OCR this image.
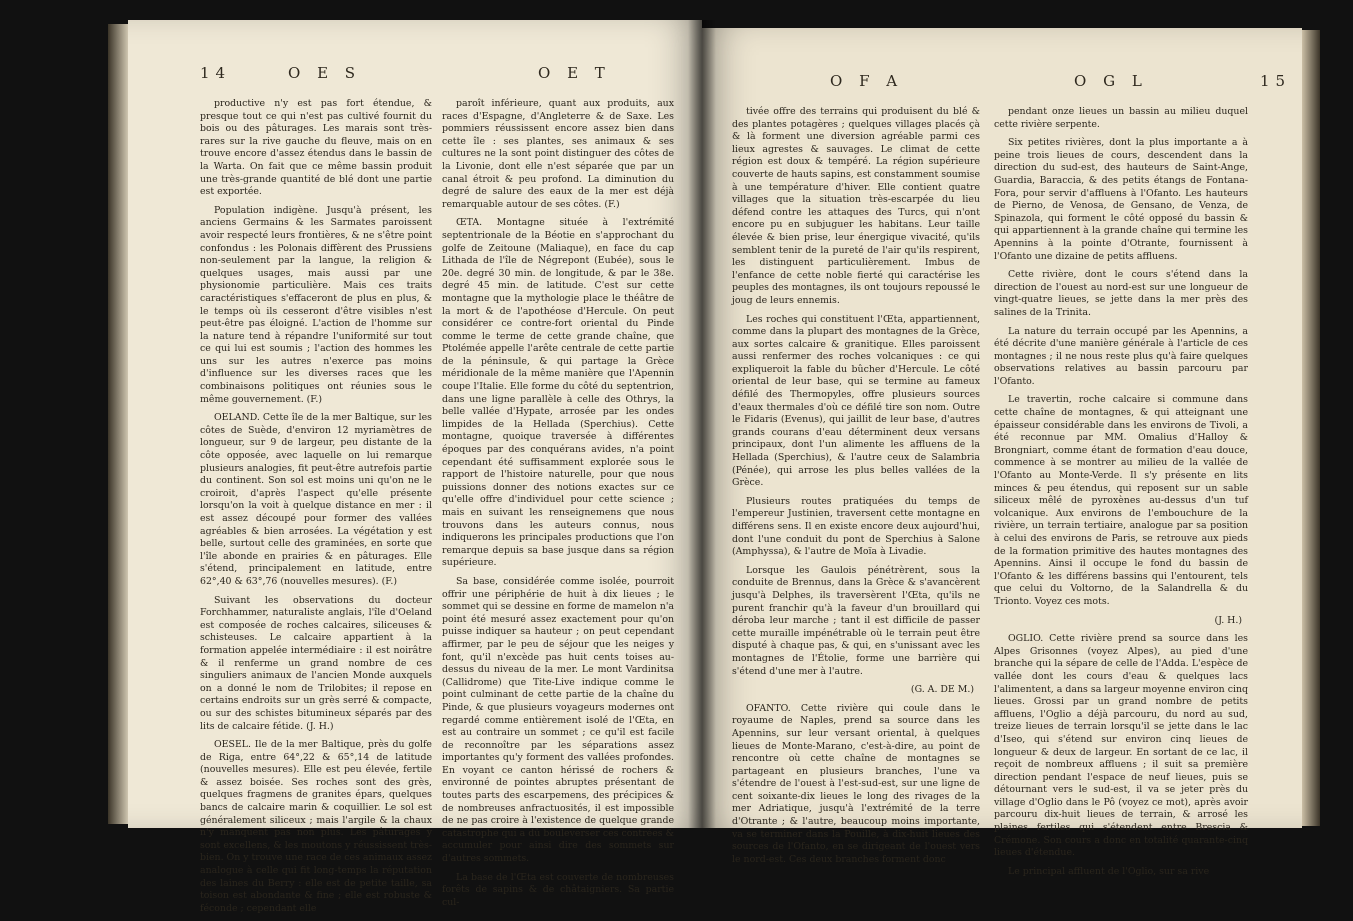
14	O E S	O E T

productive n'y est pas fort étendue, & presque tout ce qui n'est pas cultivé fournit du bois ou des pâturages. Les marais sont très-rares sur la rive gauche du fleuve, mais on en trouve encore d'assez étendus dans le bassin de la Warta. On fait que ce même bassin produit une très-grande quantité de blé dont une partie est exportée.

Population indigène. Jusqu'à présent, les anciens Germains & les Sarmates paroissent avoir respecté leurs frontières, & ne s'être point confondus : les Polonais diffèrent des Prussiens non-seulement par la langue, la religion & quelques usages, mais aussi par une physionomie particulière. Mais ces traits caractéristiques s'effaceront de plus en plus, & le temps où ils cesseront d'être visibles n'est peut-être pas éloigné. L'action de l'homme sur la nature tend à répandre l'uniformité sur tout ce qui lui est soumis ; l'action des hommes les uns sur les autres n'exerce pas moins d'influence sur les diverses races que les combinaisons politiques ont réunies sous le même gouvernement. (F.)

OELAND. Cette île de la mer Baltique, sur les côtes de Suède, d'environ 12 myriamètres de longueur, sur 9 de largeur, peu distante de la côte opposée, avec laquelle on lui remarque plusieurs analogies, fit peut-être autrefois partie du continent. Son sol est moins uni qu'on ne le croiroit, d'après l'aspect qu'elle présente lorsqu'on la voit à quelque distance en mer : il est assez découpé pour former des vallées agréables & bien arrosées. La végétation y est belle, surtout celle des graminées, en sorte que l'île abonde en prairies & en pâturages. Elle s'étend, principalement en latitude, entre 62°,40 & 63°,76 (nouvelles mesures). (F.)

Suivant les observations du docteur Forchhammer, naturaliste anglais, l'île d'Oeland est composée de roches calcaires, siliceuses & schisteuses. Le calcaire appartient à la formation appelée intermédiaire : il est noirâtre & il renferme un grand nombre de ces singuliers animaux de l'ancien Monde auxquels on a donné le nom de Trilobites; il repose en certains endroits sur un grès serré & compacte, ou sur des schistes bitumineux séparés par des lits de calcaire fétide. (J. H.)

OESEL. Ile de la mer Baltique, près du golfe de Riga, entre 64°,22 & 65°,14 de latitude (nouvelles mesures). Elle est peu élevée, fertile & assez boisée. Ses roches sont des grès, quelques fragmens de granites épars, quelques bancs de calcaire marin & coquillier. Le sol est généralement siliceux ; mais l'argile & la chaux n'y manquent pas non plus. Les pâturages y sont excellens, & les moutons y réussissent très-bien. On y trouve une race de ces animaux assez analogue à celle qui fit long-temps la réputation des laines du Berry : elle est de petite taille, sa toison est abondante & fine ; elle est robuste & féconde ; cependant elle

paroît inférieure, quant aux produits, aux races d'Espagne, d'Angleterre & de Saxe. Les pommiers réussissent encore assez bien dans cette île : ses plantes, ses animaux & ses cultures ne la sont point distinguer des côtes de la Livonie, dont elle n'est séparée que par un canal étroit & peu profond. La diminution du degré de salure des eaux de la mer est déjà remarquable autour de ses côtes. (F.)

ŒTA. Montagne située à l'extrémité septentrionale de la Béotie en s'approchant du golfe de Zeitoune (Maliaque), en face du cap Lithada de l'île de Négrepont (Eubée), sous le 20e. degré 30 min. de longitude, & par le 38e. degré 45 min. de latitude. C'est sur cette montagne que la mythologie place le théâtre de la mort & de l'apothéose d'Hercule. On peut considérer ce contre-fort oriental du Pinde comme le terme de cette grande chaîne, que Ptolémée appelle l'arête centrale de cette partie de la péninsule, & qui partage la Grèce méridionale de la même manière que l'Apennin coupe l'Italie. Elle forme du côté du septentrion, dans une ligne parallèle à celle des Othrys, la belle vallée d'Hypate, arrosée par les ondes limpides de la Hellada (Sperchius). Cette montagne, quoique traversée à différentes époques par des conquérans avides, n'a point cependant été suffisamment explorée sous le rapport de l'histoire naturelle, pour que nous puissions donner des notions exactes sur ce qu'elle offre d'individuel pour cette science ; mais en suivant les renseignemens que nous trouvons dans les auteurs connus, nous indiquerons les principales productions que l'on remarque depuis sa base jusque dans sa région supérieure.

Sa base, considérée comme isolée, pourroit offrir une périphérie de huit à dix lieues ; le sommet qui se dessine en forme de mamelon n'a point été mesuré assez exactement pour qu'on puisse indiquer sa hauteur ; on peut cependant affirmer, par le peu de séjour que les neiges y font, qu'il n'excède pas huit cents toises au-dessus du niveau de la mer. Le mont Vardinitsa (Callidrome) que Tite-Live indique comme le point culminant de cette partie de la chaîne du Pinde, & que plusieurs voyageurs modernes ont regardé comme entièrement isolé de l'Œta, en est au contraire un sommet ; ce qu'il est facile de reconnoître par les séparations assez importantes qu'y forment des vallées profondes. En voyant ce canton hérissé de rochers & environné de pointes abruptes présentant de toutes parts des escarpemens, des précipices & de nombreuses anfractuosités, il est impossible de ne pas croire à l'existence de quelque grande catastrophe qui a dû bouleverser ces contrées & accumuler pour ainsi dire des sommets sur d'autres sommets.

La base de l'Œta est couverte de nombreuses forêts de sapins & de châtaigniers. Sa partie cul-

O F A	O G L	15

tivée offre des terrains qui produisent du blé & des plantes potagères ; quelques villages placés çà & là forment une diversion agréable parmi ces lieux agrestes & sauvages. Le climat de cette région est doux & tempéré. La région supérieure couverte de hauts sapins, est constamment soumise à une température d'hiver. Elle contient quatre villages que la situation très-escarpée du lieu défend contre les attaques des Turcs, qui n'ont encore pu en subjuguer les habitans. Leur taille élevée & bien prise, leur énergique vivacité, qu'ils semblent tenir de la pureté de l'air qu'ils respirent, les distinguent particulièrement. Imbus de l'enfance de cette noble fierté qui caractérise les peuples des montagnes, ils ont toujours repoussé le joug de leurs ennemis.

Les roches qui constituent l'Œta, appartiennent, comme dans la plupart des montagnes de la Grèce, aux sortes calcaire & granitique. Elles paroissent aussi renfermer des roches volcaniques : ce qui expliqueroit la fable du bûcher d'Hercule. Le côté oriental de leur base, qui se termine au fameux défilé des Thermopyles, offre plusieurs sources d'eaux thermales d'où ce défilé tire son nom. Outre le Fidaris (Evenus), qui jaillit de leur base, d'autres grands courans d'eau déterminent deux versans principaux, dont l'un alimente les affluens de la Hellada (Sperchius), & l'autre ceux de Salambria (Pénée), qui arrose les plus belles vallées de la Grèce.

Plusieurs routes pratiquées du temps de l'empereur Justinien, traversent cette montagne en différens sens. Il en existe encore deux aujourd'hui, dont l'une conduit du pont de Sperchius à Salone (Amphyssa), & l'autre de Moïa à Livadie.

Lorsque les Gaulois pénétrèrent, sous la conduite de Brennus, dans la Grèce & s'avancèrent jusqu'à Delphes, ils traversèrent l'Œta, qu'ils ne purent franchir qu'à la faveur d'un brouillard qui déroba leur marche ; tant il est difficile de passer cette muraille impénétrable où le terrain peut être disputé à chaque pas, & qui, en s'unissant avec les montagnes de l'Étolie, forme une barrière qui s'étend d'une mer à l'autre.

(G. A. DE M.)

OFANTO. Cette rivière qui coule dans le royaume de Naples, prend sa source dans les Apennins, sur leur versant oriental, à quelques lieues de Monte-Marano, c'est-à-dire, au point de rencontre où cette chaîne de montagnes se partageant en plusieurs branches, l'une va s'étendre de l'ouest à l'est-sud-est, sur une ligne de cent soixante-dix lieues le long des rivages de la mer Adriatique, jusqu'à l'extrémité de la terre d'Otrante ; & l'autre, beaucoup moins importante, va se terminer dans la Pouille, à dix-huit lieues des sources de l'Ofanto, en se dirigeant de l'ouest vers le nord-est. Ces deux branches forment donc

pendant onze lieues un bassin au milieu duquel cette rivière serpente.

Six petites rivières, dont la plus importante a à peine trois lieues de cours, descendent dans la direction du sud-est, des hauteurs de Saint-Ange, Guardia, Baraccia, & des petits étangs de Fontana-Fora, pour servir d'affluens à l'Ofanto. Les hauteurs de Pierno, de Venosa, de Gensano, de Venza, de Spinazola, qui forment le côté opposé du bassin & qui appartiennent à la grande chaîne qui termine les Apennins à la pointe d'Otrante, fournissent à l'Ofanto une dizaine de petits affluens.

Cette rivière, dont le cours s'étend dans la direction de l'ouest au nord-est sur une longueur de vingt-quatre lieues, se jette dans la mer près des salines de la Trinita.

La nature du terrain occupé par les Apennins, a été décrite d'une manière générale à l'article de ces montagnes ; il ne nous reste plus qu'à faire quelques observations relatives au bassin parcouru par l'Ofanto.

Le travertin, roche calcaire si commune dans cette chaîne de montagnes, & qui atteignant une épaisseur considérable dans les environs de Tivoli, a été reconnue par MM. Omalius d'Halloy & Brongniart, comme étant de formation d'eau douce, commence à se montrer au milieu de la vallée de l'Ofanto au Monte-Verde. Il s'y présente en lits minces & peu étendus, qui reposent sur un sable siliceux mêlé de pyroxènes au-dessus d'un tuf volcanique. Aux environs de l'embouchure de la rivière, un terrain tertiaire, analogue par sa position à celui des environs de Paris, se retrouve aux pieds de la formation primitive des hautes montagnes des Apennins. Ainsi il occupe le fond du bassin de l'Ofanto & les différens bassins qui l'entourent, tels que celui du Voltorno, de la Salandrella & du Trionto. Voyez ces mots.

(J. H.)

OGLIO. Cette rivière prend sa source dans les Alpes Grisonnes (voyez Alpes), au pied d'une branche qui la sépare de celle de l'Adda. L'espèce de vallée dont les cours d'eau & quelques lacs l'alimentent, a dans sa largeur moyenne environ cinq lieues. Grossi par un grand nombre de petits affluens, l'Oglio a déjà parcouru, du nord au sud, treize lieues de terrain lorsqu'il se jette dans le lac d'Iseo, qui s'étend sur environ cinq lieues de longueur & deux de largeur. En sortant de ce lac, il reçoit de nombreux affluens ; il suit sa première direction pendant l'espace de neuf lieues, puis se détournant vers le sud-est, il va se jeter près du village d'Oglio dans le Pô (voyez ce mot), après avoir parcouru dix-huit lieues de terrain, & arrosé les plaines fertiles qui s'étendent entre Brescia & Crémone. Son cours a donc en totalité quarante-cinq lieues d'étendue.

Le principal affluent de l'Oglio, sur sa rive
